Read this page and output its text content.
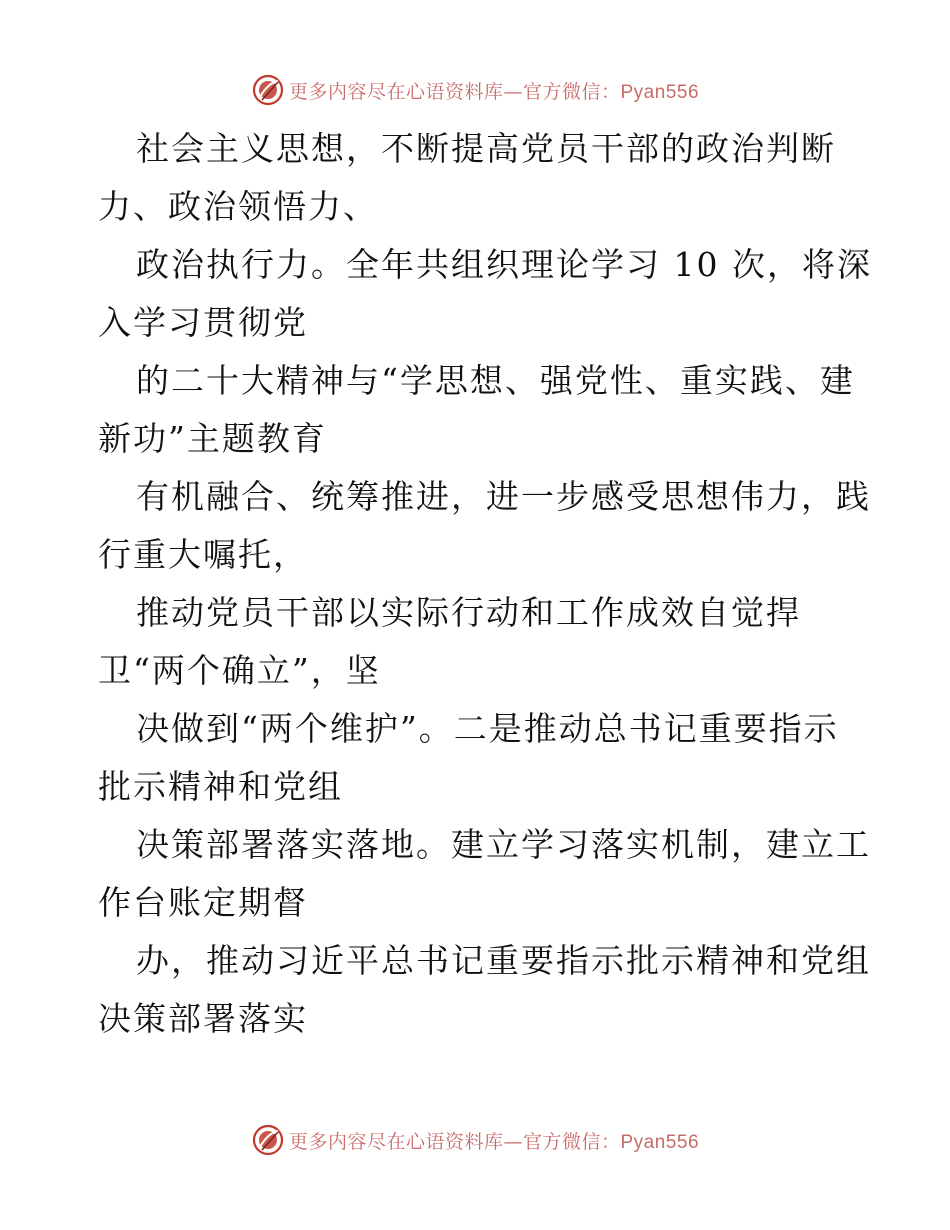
更多内容尽在心语资料库—官方微信：Pyan556
社会主义思想，不断提高党员干部的政治判断
力、政治领悟力、
政治执行力。全年共组织理论学习 10 次，将深
入学习贯彻党
的二十大精神与“学思想、强党性、重实践、建
新功”主题教育
有机融合、统筹推进，进一步感受思想伟力，践
行重大嘱托，
推动党员干部以实际行动和工作成效自觉捍
卫“两个确立”，坚
决做到“两个维护”。二是推动总书记重要指示
批示精神和党组
决策部署落实落地。建立学习落实机制，建立工
作台账定期督
办，推动习近平总书记重要指示批示精神和党组
决策部署落实
更多内容尽在心语资料库—官方微信：Pyan556
